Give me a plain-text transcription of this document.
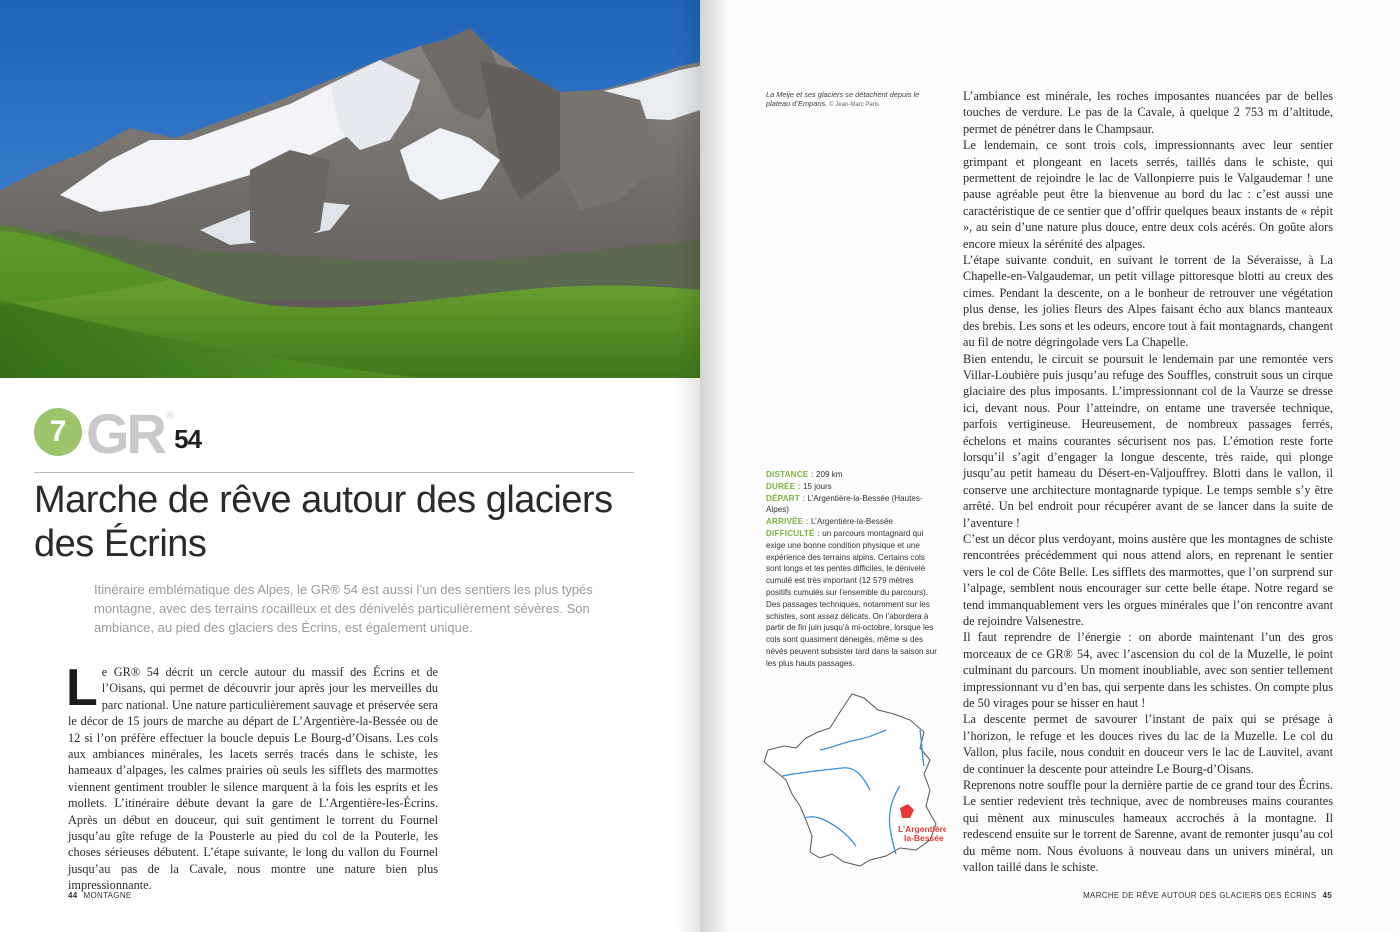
7 GR ®
54
Marche de rêve autour des glaciers des Écrins

Itinéraire emblématique des Alpes, le GR® 54 est aussi l’un des sentiers les plus typés montagne, avec des terrains rocailleux et des dénivelés particulièrement sévères. Son ambiance, au pied des glaciers des Écrins, est également unique.

Le GR® 54 décrit un cercle autour du massif des Écrins et de l’Oisans, qui permet de découvrir jour après jour les merveilles du parc national. Une nature particulièrement sauvage et préservée sera le décor de 15 jours de marche au départ de L’Argentière-la-Bessée ou de 12 si l’on préfère effectuer la boucle depuis Le Bourg-d’Oisans. Les cols aux ambiances minérales, les lacets serrés tracés dans le schiste, les hameaux d’alpages, les calmes prairies où seuls les sifflets des marmottes viennent gentiment troubler le silence marquent à la fois les esprits et les mollets. L’itinéraire débute devant la gare de L’Argentière-les-Écrins. Après un début en douceur, qui suit gentiment le torrent du Fournel jusqu’au gîte refuge de la Pousterle au pied du col de la Pouterle, les choses sérieuses débutent. L’étape suivante, le long du vallon du Fournel jusqu’au pas de la Cavale, nous montre une nature bien plus impressionnante.

44 MONTAGNE

La Meije et ses glaciers se détachent depuis le plateau d’Emparis. © Jean-Marc Paris

DISTANCE : 209 km

DURÉE : 15 jours

DÉPART : L’Argentière-la-Bessée (Hautes-Alpes)

ARRIVÉE : L’Argentière-la-Bessée

DIFFICULTÉ : un parcours montagnard qui exige une bonne condition physique et une expérience des terrains alpins. Certains cols sont longs et les pentes difficiles, le dénivelé cumulé est très important (12 579 mètres positifs cumulés sur l’ensemble du parcours). Des passages techniques, notamment sur les schistes, sont assez délicats. On l’abordera à partir de fin juin jusqu’à mi-octobre, lorsque les cols sont quasiment déneigés, même si des névés peuvent subsister tard dans la saison sur les plus hauts passages.

L’Argentière-
la-Bessée

L’ambiance est minérale, les roches imposantes nuancées par de belles touches de verdure. Le pas de la Cavale, à quelque 2 753 m d’altitude, permet de pénétrer dans le Champsaur.

Le lendemain, ce sont trois cols, impressionnants avec leur sentier grimpant et plongeant en lacets serrés, taillés dans le schiste, qui permettent de rejoindre le lac de Vallonpierre puis le Valgaudemar ! une pause agréable peut être la bienvenue au bord du lac : c’est aussi une caractéristique de ce sentier que d’offrir quelques beaux instants de « répit », au sein d’une nature plus douce, entre deux cols acérés. On goûte alors encore mieux la sérénité des alpages.

L’étape suivante conduit, en suivant le torrent de la Séveraisse, à La Chapelle-en-Valgaudemar, un petit village pittoresque blotti au creux des cimes. Pendant la descente, on a le bonheur de retrouver une végétation plus dense, les jolies fleurs des Alpes faisant écho aux blancs manteaux des brebis. Les sons et les odeurs, encore tout à fait montagnards, changent au fil de notre dégringolade vers La Chapelle.

Bien entendu, le circuit se poursuit le lendemain par une remontée vers Villar-Loubière puis jusqu’au refuge des Souffles, construit sous un cirque glaciaire des plus imposants. L’impressionnant col de la Vaurze se dresse ici, devant nous. Pour l’atteindre, on entame une traversée technique, parfois vertigineuse. Heureusement, de nombreux passages ferrés, échelons et mains courantes sécurisent nos pas. L’émotion reste forte lorsqu’il s’agit d’engager la longue descente, très raide, qui plonge jusqu’au petit hameau du Désert-en-Valjouffrey. Blotti dans le vallon, il conserve une architecture montagnarde typique. Le temps semble s’y être arrêté. Un bel endroit pour récupérer avant de se lancer dans la suite de l’aventure !

C’est un décor plus verdoyant, moins austère que les montagnes de schiste rencontrées précédemment qui nous attend alors, en reprenant le sentier vers le col de Côte Belle. Les sifflets des marmottes, que l’on surprend sur l’alpage, semblent nous encourager sur cette belle étape. Notre regard se tend immanquablement vers les orgues minérales que l’on rencontre avant de rejoindre Valsenestre.

Il faut reprendre de l’énergie : on aborde maintenant l’un des gros morceaux de ce GR® 54, avec l’ascension du col de la Muzelle, le point culminant du parcours. Un moment inoubliable, avec son sentier tellement impressionnant vu d’en bas, qui serpente dans les schistes. On compte plus de 50 virages pour se hisser en haut !

La descente permet de savourer l’instant de paix qui se présage à l’horizon, le refuge et les douces rives du lac de la Muzelle. Le col du Vallon, plus facile, nous conduit en douceur vers le lac de Lauvitel, avant de continuer la descente pour atteindre Le Bourg-d’Oisans.

Reprenons notre souffle pour la dernière partie de ce grand tour des Écrins. Le sentier redevient très technique, avec de nombreuses mains courantes qui mènent aux minuscules hameaux accrochés à la montagne. Il redescend ensuite sur le torrent de Sarenne, avant de remonter jusqu’au col du même nom. Nous évoluons à nouveau dans un univers minéral, un vallon taillé dans le schiste.

MARCHE DE RÊVE AUTOUR DES GLACIERS DES ÉCRINS 45
